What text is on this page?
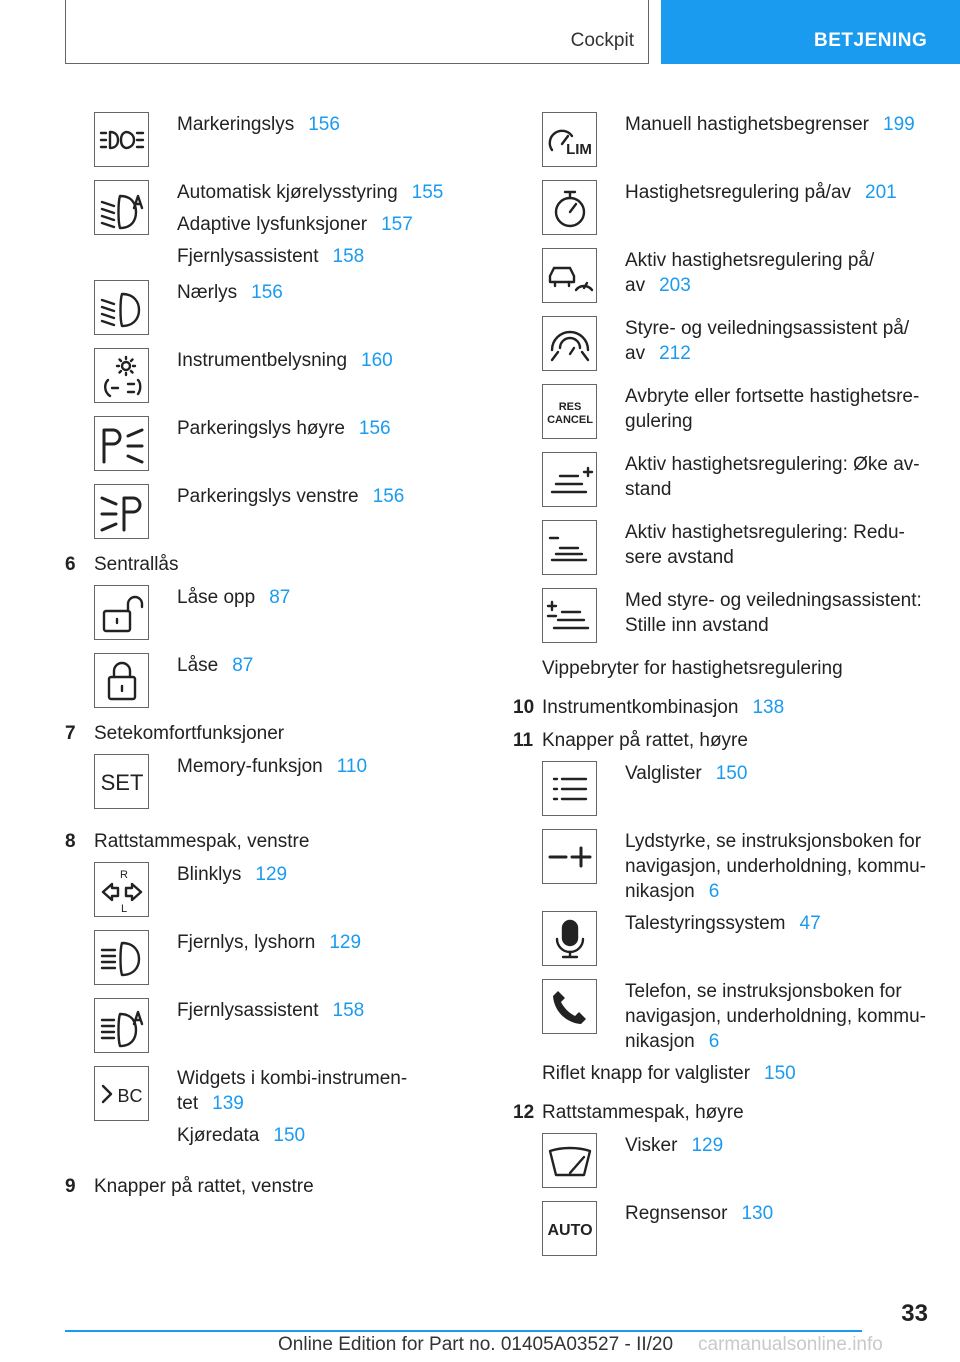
Cockpit	BETJENING
Markeringslys 156
Automatisk kjørelysstyring 155
Adaptive lysfunksjoner 157
Fjernlysassistent 158
Nærlys 156
Instrumentbelysning 160
Parkeringslys høyre 156
Parkeringslys venstre 156
6 Sentrallås
Låse opp 87
Låse 87
7 Setekomfortfunksjoner
SET
Memory-funksjon 110
8 Rattstammespak, venstre
R
L
Blinklys 129
Fjernlys, lyshorn 129
Fjernlysassistent 158
BC
Widgets i kombi-instrumen-
tet 139
Kjøredata 150
9 Knapper på rattet, venstre
LIM
Manuell hastighetsbegrenser 199
Hastighetsregulering på/av 201
Aktiv hastighetsregulering på/
av 203
Styre- og veiledningsassistent på/
av 212
RES
CANCEL
Avbryte eller fortsette hastighetsre-
gulering
Aktiv hastighetsregulering: Øke av-
stand
Aktiv hastighetsregulering: Redu-
sere avstand
Med styre- og veiledningsassistent:
Stille inn avstand
Vippebryter for hastighetsregulering
10 Instrumentkombinasjon 138
11 Knapper på rattet, høyre
Valglister 150
Lydstyrke, se instruksjonsboken for
navigasjon, underholdning, kommu-
nikasjon 6
Talestyringssystem 47
Telefon, se instruksjonsboken for
navigasjon, underholdning, kommu-
nikasjon 6
Riflet knapp for valglister 150
12 Rattstammespak, høyre
Visker 129
AUTO
Regnsensor 130
33
Online Edition for Part no. 01405A03527 - II/20 carmanualsonline.info
